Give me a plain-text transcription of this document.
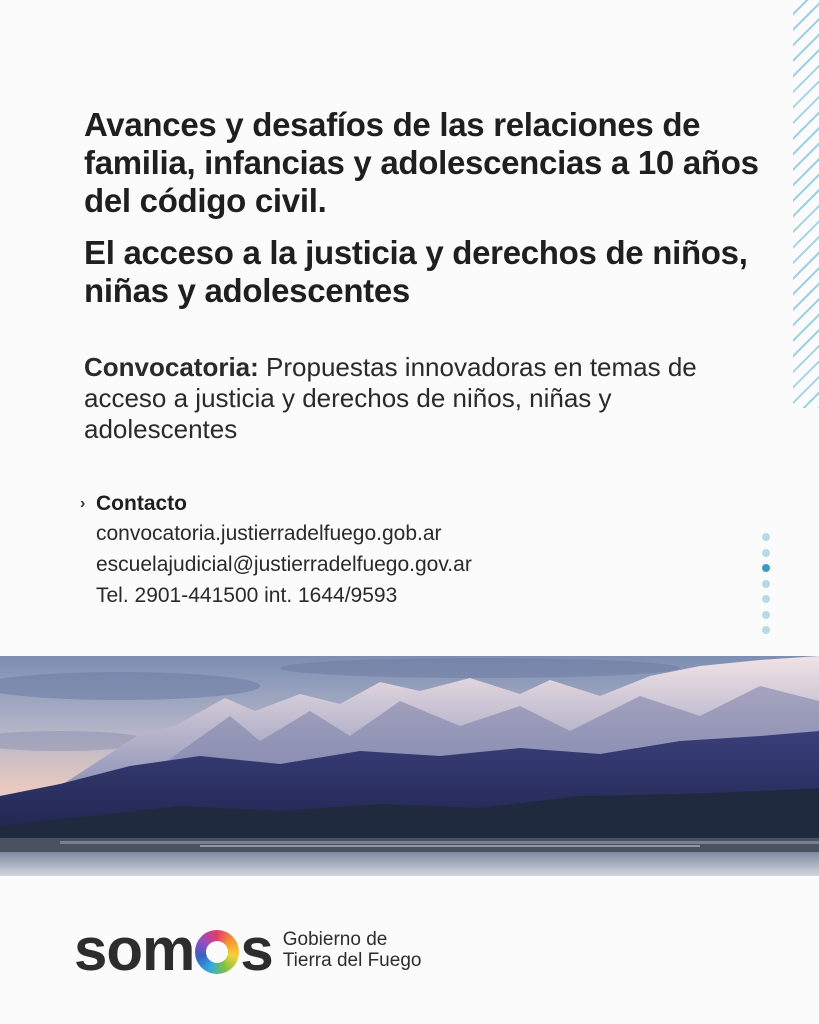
Avances y desafíos de las relaciones de familia, infancias y adolescencias a 10 años del código civil.
El acceso a la justicia y derechos de niños, niñas y adolescentes
Convocatoria: Propuestas innovadoras en temas de acceso a justicia y derechos de niños, niñas y adolescentes
› Contacto
convocatoria.justierradelfuego.gob.ar
escuelajudicial@justierradelfuego.gov.ar
Tel. 2901-441500 int. 1644/9593
som s Gobierno de
Tierra del Fuego
